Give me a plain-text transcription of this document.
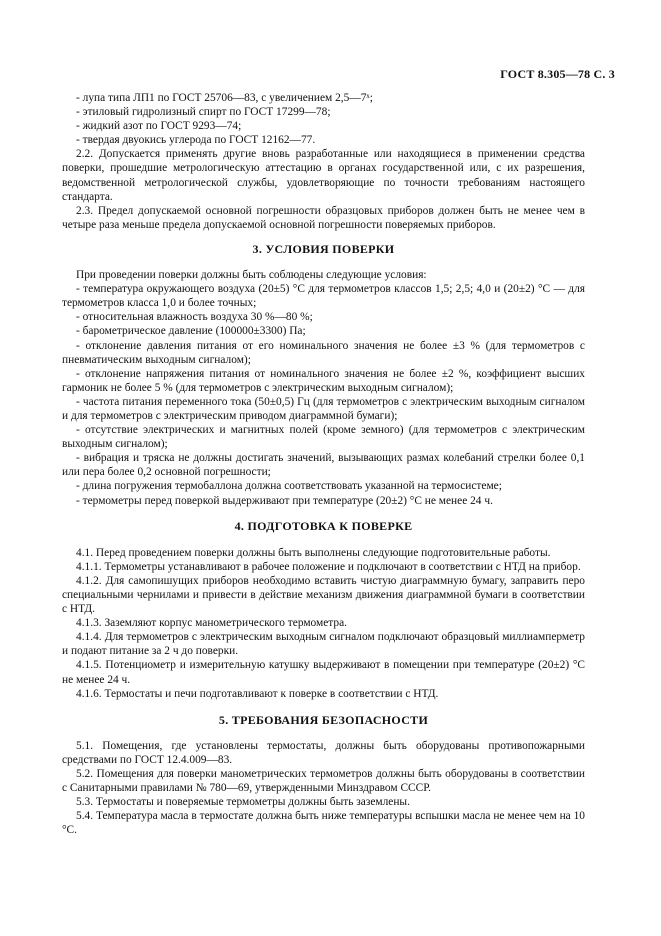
ГОСТ 8.305—78 С. 3

- лупа типа ЛП1 по ГОСТ 25706—83, с увеличением 2,5—7ˣ;

- этиловый гидролизный спирт по ГОСТ 17299—78;

- жидкий азот по ГОСТ 9293—74;

- твердая двуокись углерода по ГОСТ 12162—77.

2.2. Допускается применять другие вновь разработанные или находящиеся в применении средства поверки, прошедшие метрологическую аттестацию в органах государственной или, с их разрешения, ведомственной метрологической службы, удовлетворяющие по точности требованиям настоящего стандарта.

2.3. Предел допускаемой основной погрешности образцовых приборов должен быть не менее чем в четыре раза меньше предела допускаемой основной погрешности поверяемых приборов.

3. УСЛОВИЯ ПОВЕРКИ

При проведении поверки должны быть соблюдены следующие условия:

- температура окружающего воздуха (20±5) °С для термометров классов 1,5; 2,5; 4,0 и (20±2) °С — для термометров класса 1,0 и более точных;

- относительная влажность воздуха 30 %—80 %;

- барометрическое давление (100000±3300) Па;

- отклонение давления питания от его номинального значения не более ±3 % (для термометров с пневматическим выходным сигналом);

- отклонение напряжения питания от номинального значения не более ±2 %, коэффициент высших гармоник не более 5 % (для термометров с электрическим выходным сигналом);

- частота питания переменного тока (50±0,5) Гц (для термометров с электрическим выходным сигналом и для термометров с электрическим приводом диаграммной бумаги);

- отсутствие электрических и магнитных полей (кроме земного) (для термометров с электрическим выходным сигналом);

- вибрация и тряска не должны достигать значений, вызывающих размах колебаний стрелки более 0,1 или пера более 0,2 основной погрешности;

- длина погружения термобаллона должна соответствовать указанной на термосистеме;

- термометры перед поверкой выдерживают при температуре (20±2) °С не менее 24 ч.

4. ПОДГОТОВКА К ПОВЕРКЕ

4.1. Перед проведением поверки должны быть выполнены следующие подготовительные работы.

4.1.1. Термометры устанавливают в рабочее положение и подключают в соответствии с НТД на прибор.

4.1.2. Для самопишущих приборов необходимо вставить чистую диаграммную бумагу, заправить перо специальными чернилами и привести в действие механизм движения диаграммной бумаги в соответствии с НТД.

4.1.3. Заземляют корпус манометрического термометра.

4.1.4. Для термометров с электрическим выходным сигналом подключают образцовый миллиамперметр и подают питание за 2 ч до поверки.

4.1.5. Потенциометр и измерительную катушку выдерживают в помещении при температуре (20±2) °С не менее 24 ч.

4.1.6. Термостаты и печи подготавливают к поверке в соответствии с НТД.

5. ТРЕБОВАНИЯ БЕЗОПАСНОСТИ

5.1. Помещения, где установлены термостаты, должны быть оборудованы противопожарными средствами по ГОСТ 12.4.009—83.

5.2. Помещения для поверки манометрических термометров должны быть оборудованы в соответствии с Санитарными правилами № 780—69, утвержденными Минздравом СССР.

5.3. Термостаты и поверяемые термометры должны быть заземлены.

5.4. Температура масла в термостате должна быть ниже температуры вспышки масла не менее чем на 10 °С.
